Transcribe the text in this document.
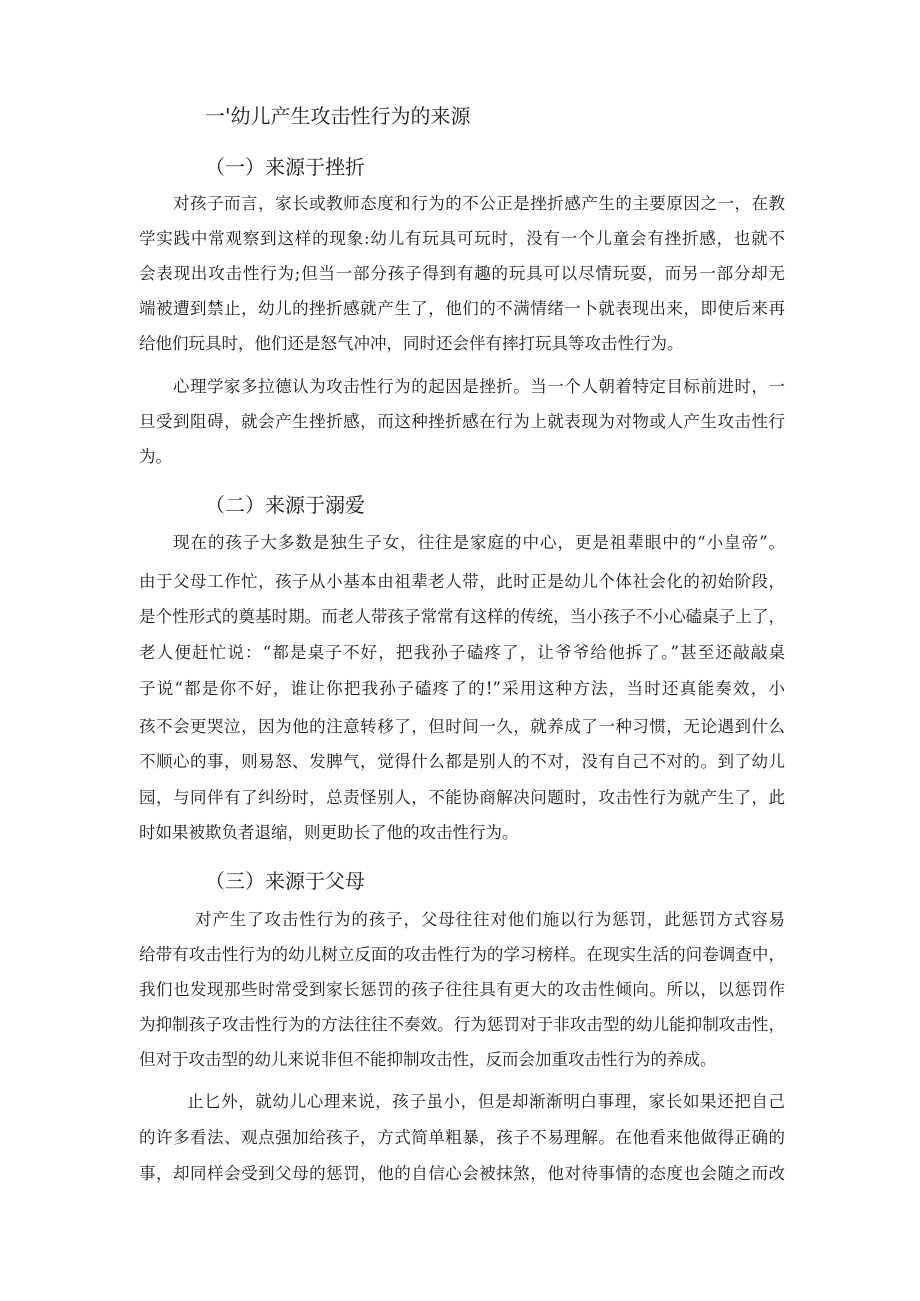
一'幼儿产生攻击性行为的来源
（一）来源于挫折

对孩子而言，家长或教师态度和行为的不公正是挫折感产生的主要原因之一，在教

学实践中常观察到这样的现象:幼儿有玩具可玩时，没有一个儿童会有挫折感，也就不

会表现出攻击性行为;但当一部分孩子得到有趣的玩具可以尽情玩耍，而另一部分却无

端被遭到禁止，幼儿的挫折感就产生了，他们的不满情绪一卜就表现出来，即使后来再

给他们玩具时，他们还是怒气冲冲，同时还会伴有摔打玩具等攻击性行为。

心理学家多拉德认为攻击性行为的起因是挫折。当一个人朝着特定目标前进时，一

旦受到阻碍，就会产生挫折感，而这种挫折感在行为上就表现为对物或人产生攻击性行

为。

（二）来源于溺爱

现在的孩子大多数是独生子女，往往是家庭的中心，更是祖辈眼中的“小皇帝”。

由于父母工作忙，孩子从小基本由祖辈老人带，此时正是幼儿个体社会化的初始阶段，

是个性形式的奠基时期。而老人带孩子常常有这样的传统，当小孩子不小心磕桌子上了，

老人便赶忙说：“都是桌子不好，把我孙子磕疼了，让爷爷给他拆了。”甚至还敲敲桌

子说“都是你不好，谁让你把我孙子磕疼了的!”采用这种方法，当时还真能奏效，小

孩不会更哭泣，因为他的注意转移了，但时间一久，就养成了一种习惯，无论遇到什么

不顺心的事，则易怒、发脾气，觉得什么都是别人的不对，没有自己不对的。到了幼儿

园，与同伴有了纠纷时，总责怪别人，不能协商解决问题时，攻击性行为就产生了，此

时如果被欺负者退缩，则更助长了他的攻击性行为。

（三）来源于父母

对产生了攻击性行为的孩子，父母往往对他们施以行为惩罚，此惩罚方式容易

给带有攻击性行为的幼儿树立反面的攻击性行为的学习榜样。在现实生活的问卷调查中，

我们也发现那些时常受到家长惩罚的孩子往往具有更大的攻击性倾向。所以，以惩罚作

为抑制孩子攻击性行为的方法往往不奏效。行为惩罚对于非攻击型的幼儿能抑制攻击性，

但对于攻击型的幼儿来说非但不能抑制攻击性，反而会加重攻击性行为的养成。

止匕外，就幼儿心理来说，孩子虽小，但是却渐渐明白事理，家长如果还把自己

的许多看法、观点强加给孩子，方式简单粗暴，孩子不易理解。在他看来他做得正确的

事，却同样会受到父母的惩罚，他的自信心会被抹煞，他对待事情的态度也会随之而改
